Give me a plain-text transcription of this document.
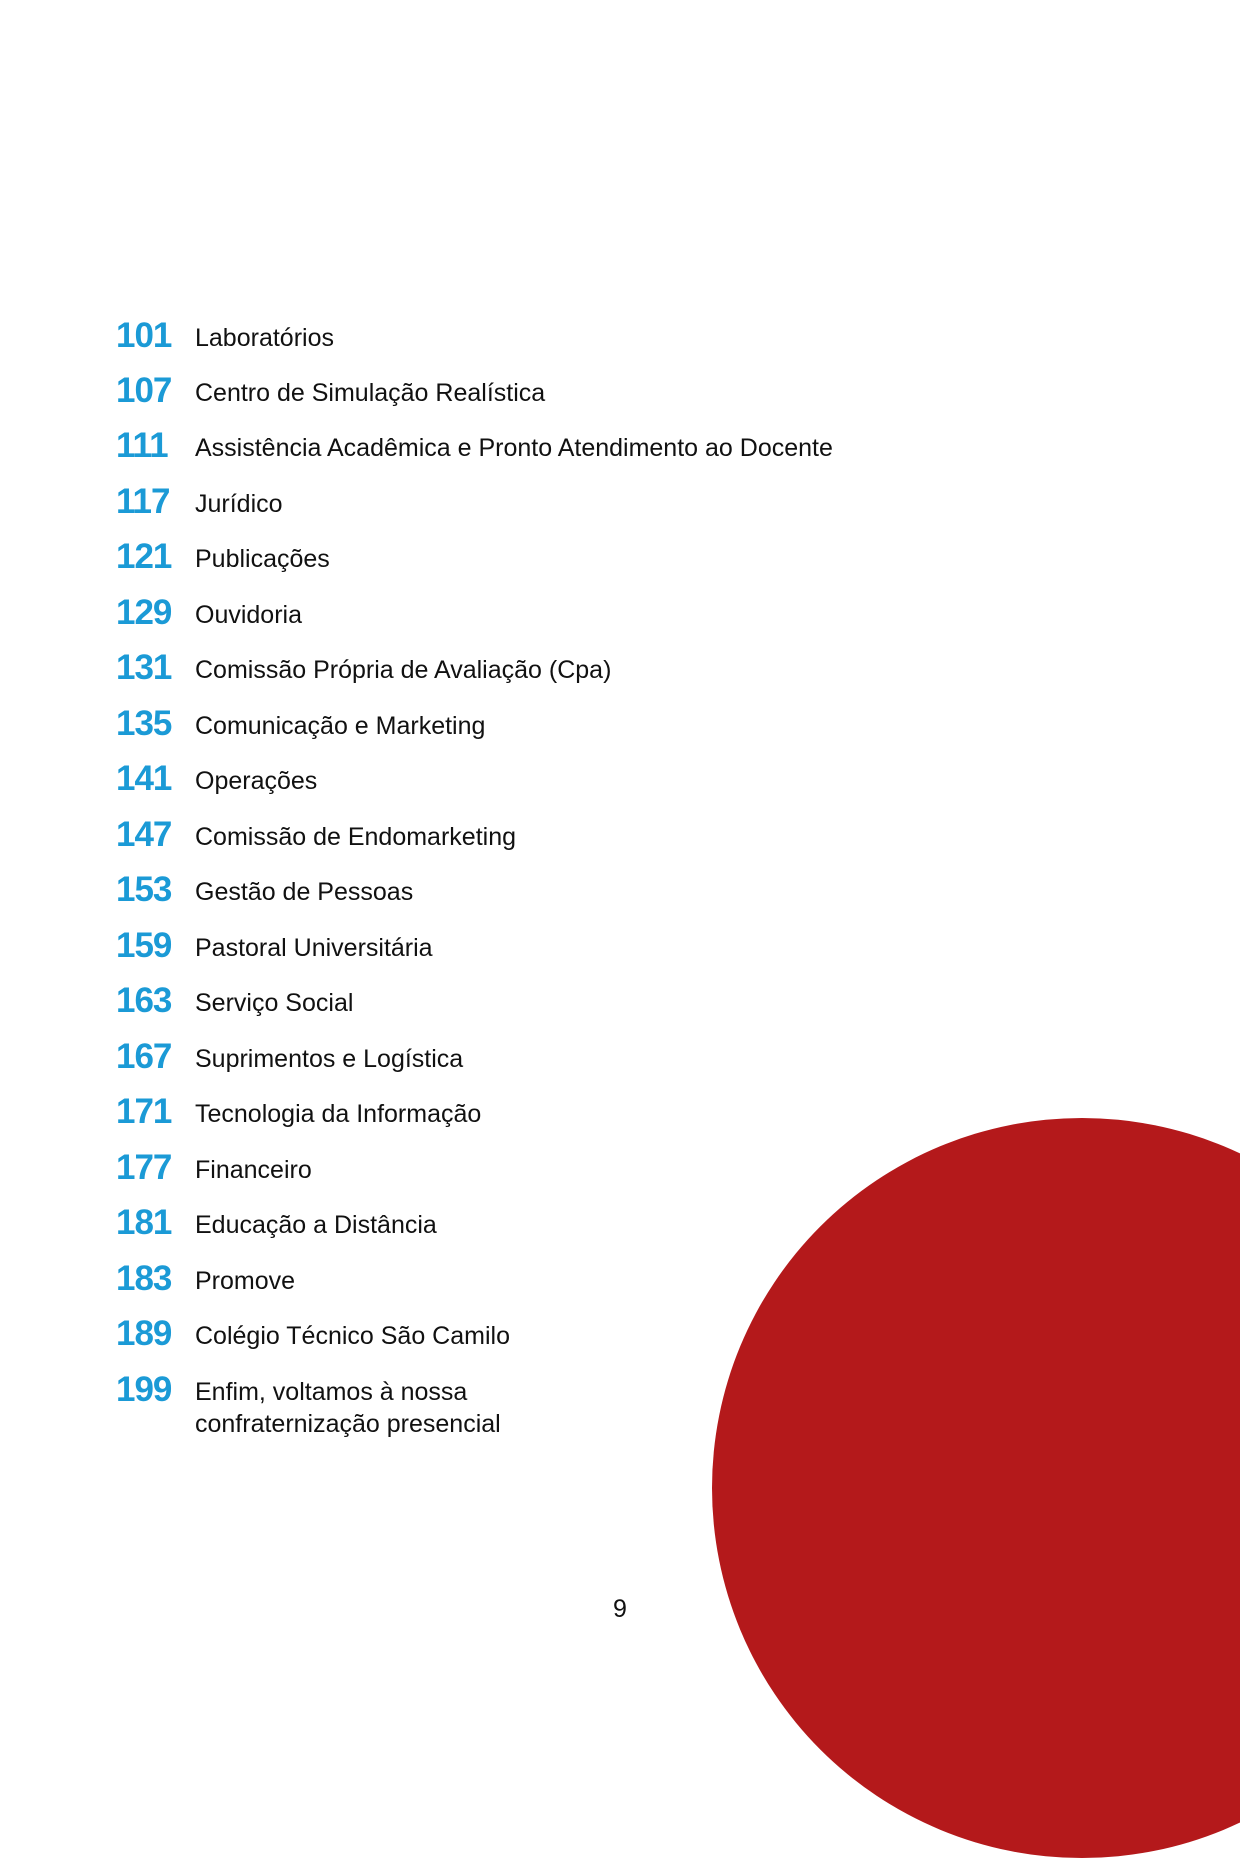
101 Laboratórios
107 Centro de Simulação Realística
111	Assistência Acadêmica e Pronto Atendimento ao Docente
117	Jurídico
121 Publicações
129 Ouvidoria
131 Comissão Própria de Avaliação (Cpa)
135 Comunicação e Marketing
141 Operações
147 Comissão de Endomarketing
153 Gestão de Pessoas
159 Pastoral Universitária
163 Serviço Social
167 Suprimentos e Logística
171 Tecnologia da Informação
177 Financeiro
181 Educação a Distância
183 Promove
189 Colégio Técnico São Camilo
199 Enfim, voltamos à nossa
confraternização presencial
9
